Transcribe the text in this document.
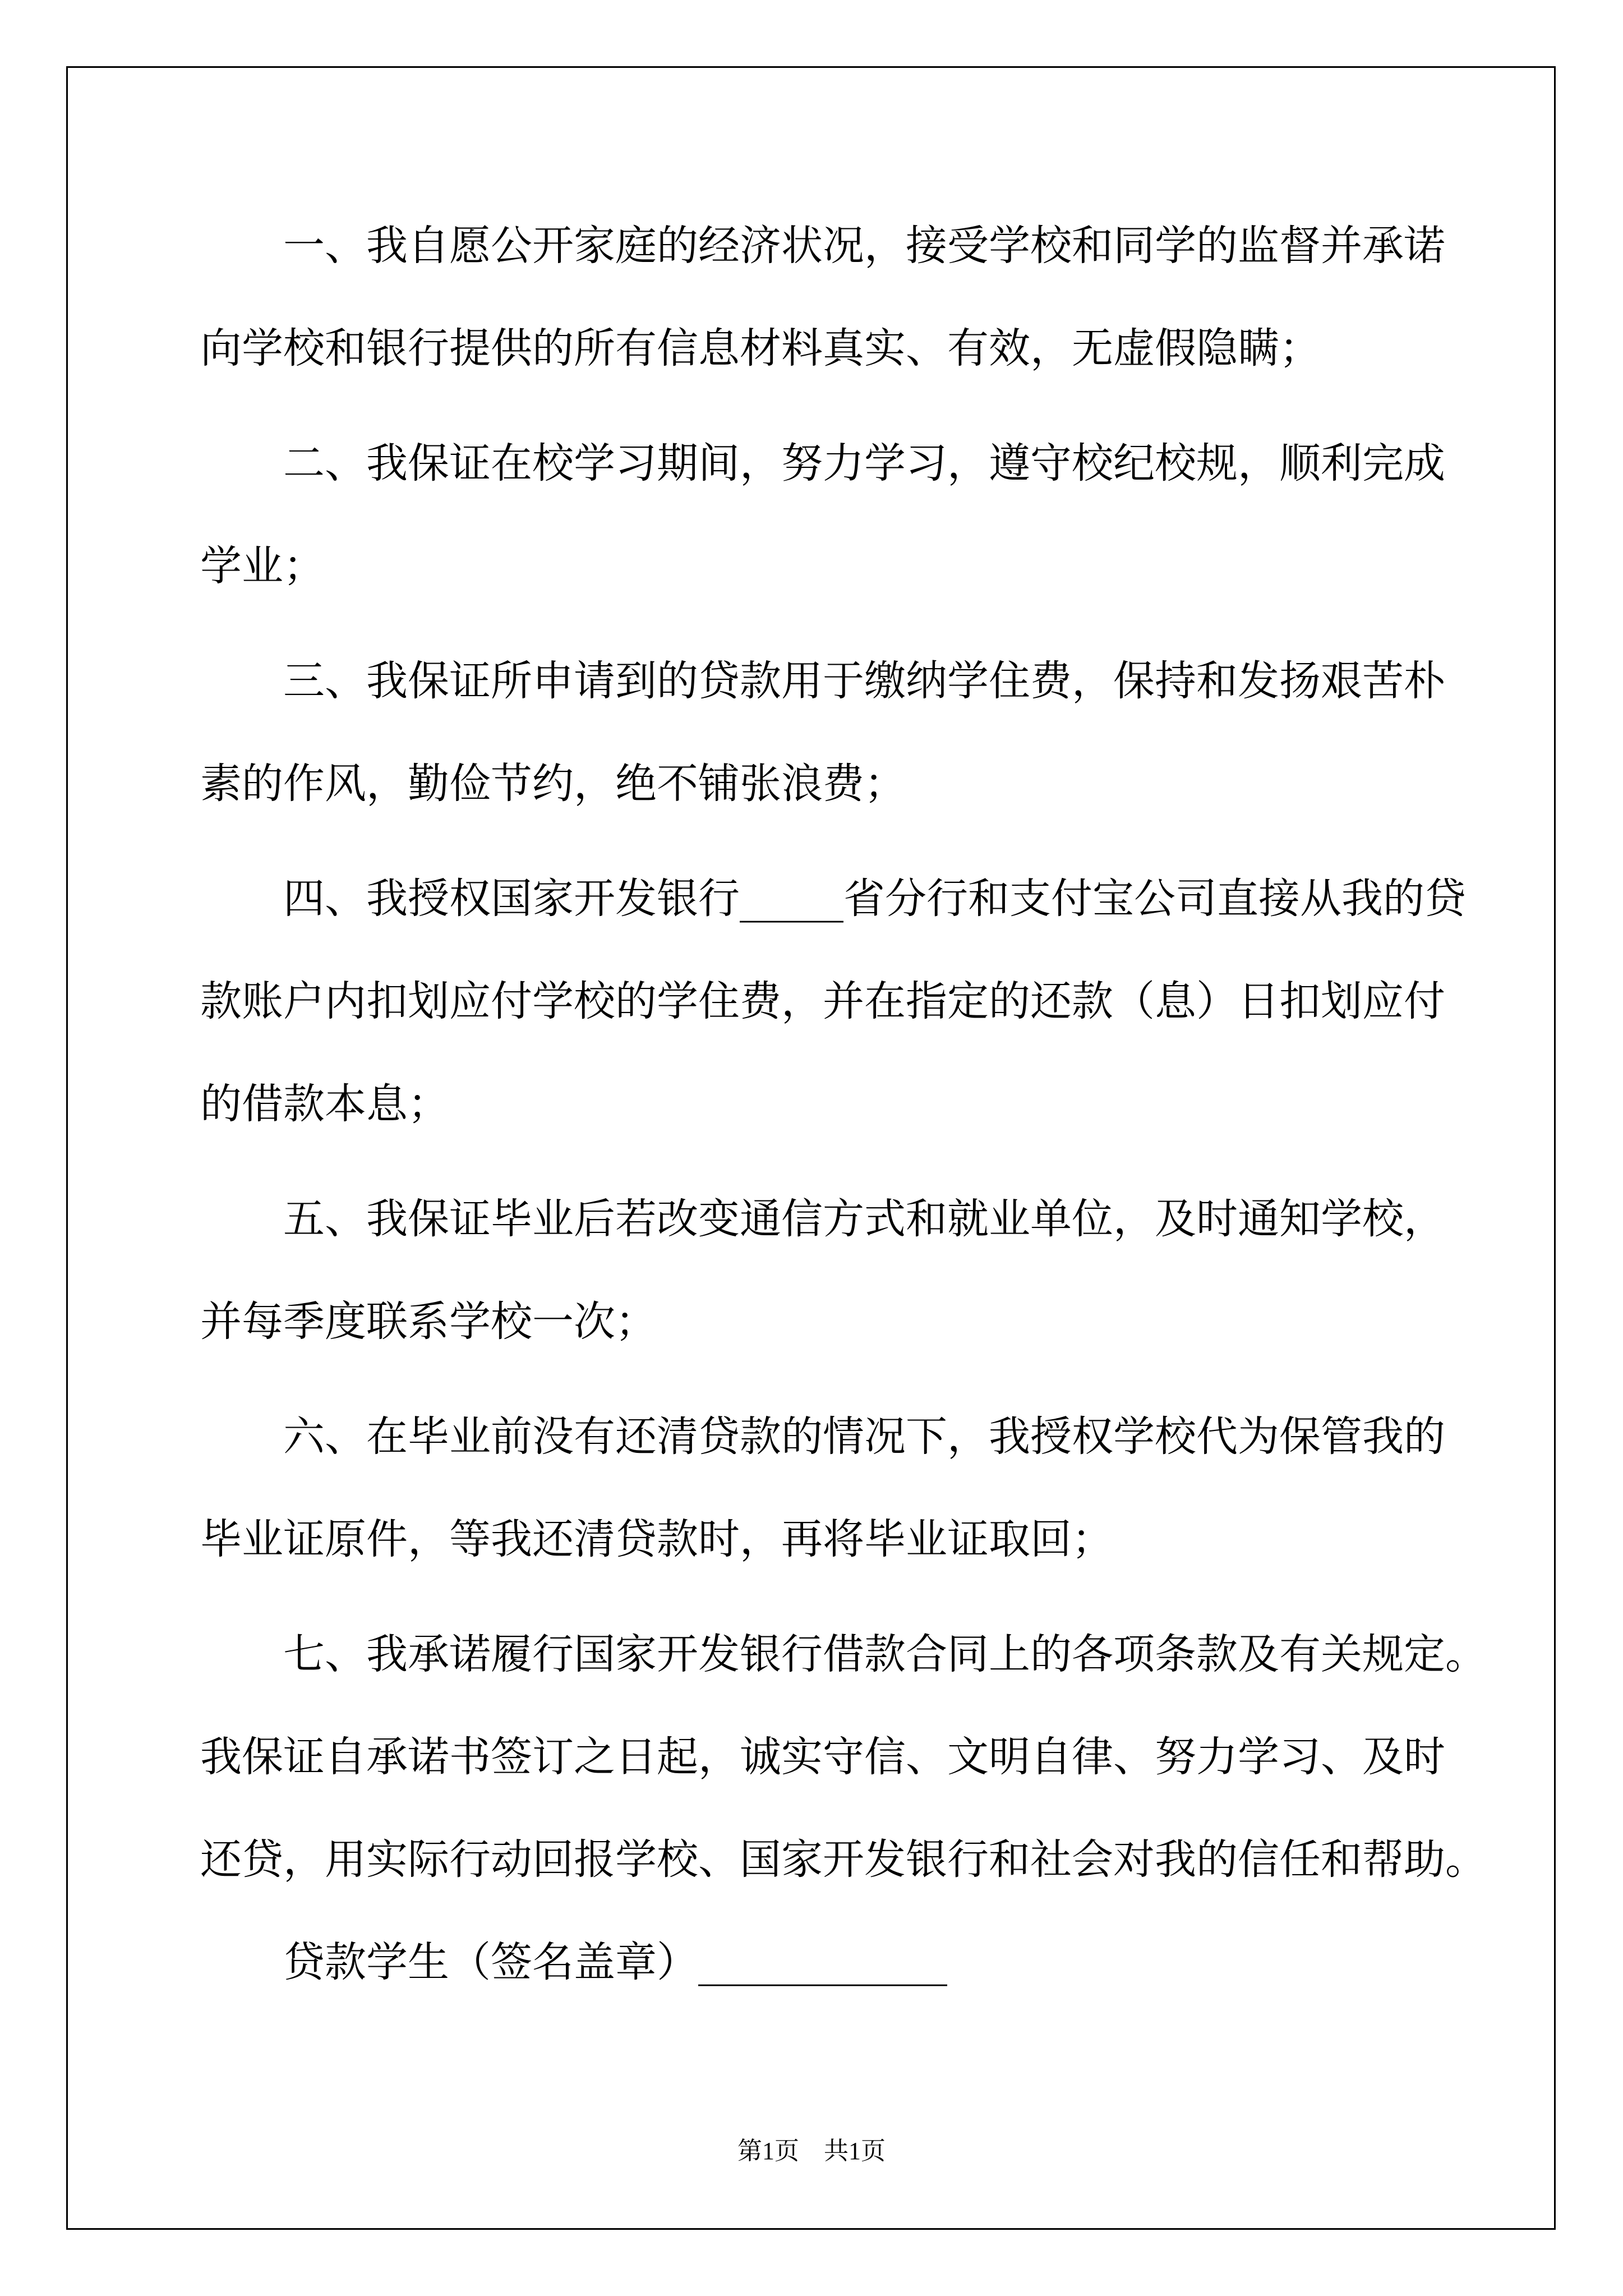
一、我自愿公开家庭的经济状况，接受学校和同学的监督并承诺
向学校和银行提供的所有信息材料真实、有效，无虚假隐瞒；
二、我保证在校学习期间，努力学习，遵守校纪校规，顺利完成
学业；
三、我保证所申请到的贷款用于缴纳学住费，保持和发扬艰苦朴
素的作风，勤俭节约，绝不铺张浪费；
四、我授权国家开发银行_____省分行和支付宝公司直接从我的贷
款账户内扣划应付学校的学住费，并在指定的还款（息）日扣划应付
的借款本息；
五、我保证毕业后若改变通信方式和就业单位，及时通知学校，
并每季度联系学校一次；
六、在毕业前没有还清贷款的情况下，我授权学校代为保管我的
毕业证原件，等我还清贷款时，再将毕业证取回；
七、我承诺履行国家开发银行借款合同上的各项条款及有关规定。
我保证自承诺书签订之日起，诚实守信、文明自律、努力学习、及时
还贷，用实际行动回报学校、国家开发银行和社会对我的信任和帮助。
贷款学生（签名盖章）____________
第1页　共1页
